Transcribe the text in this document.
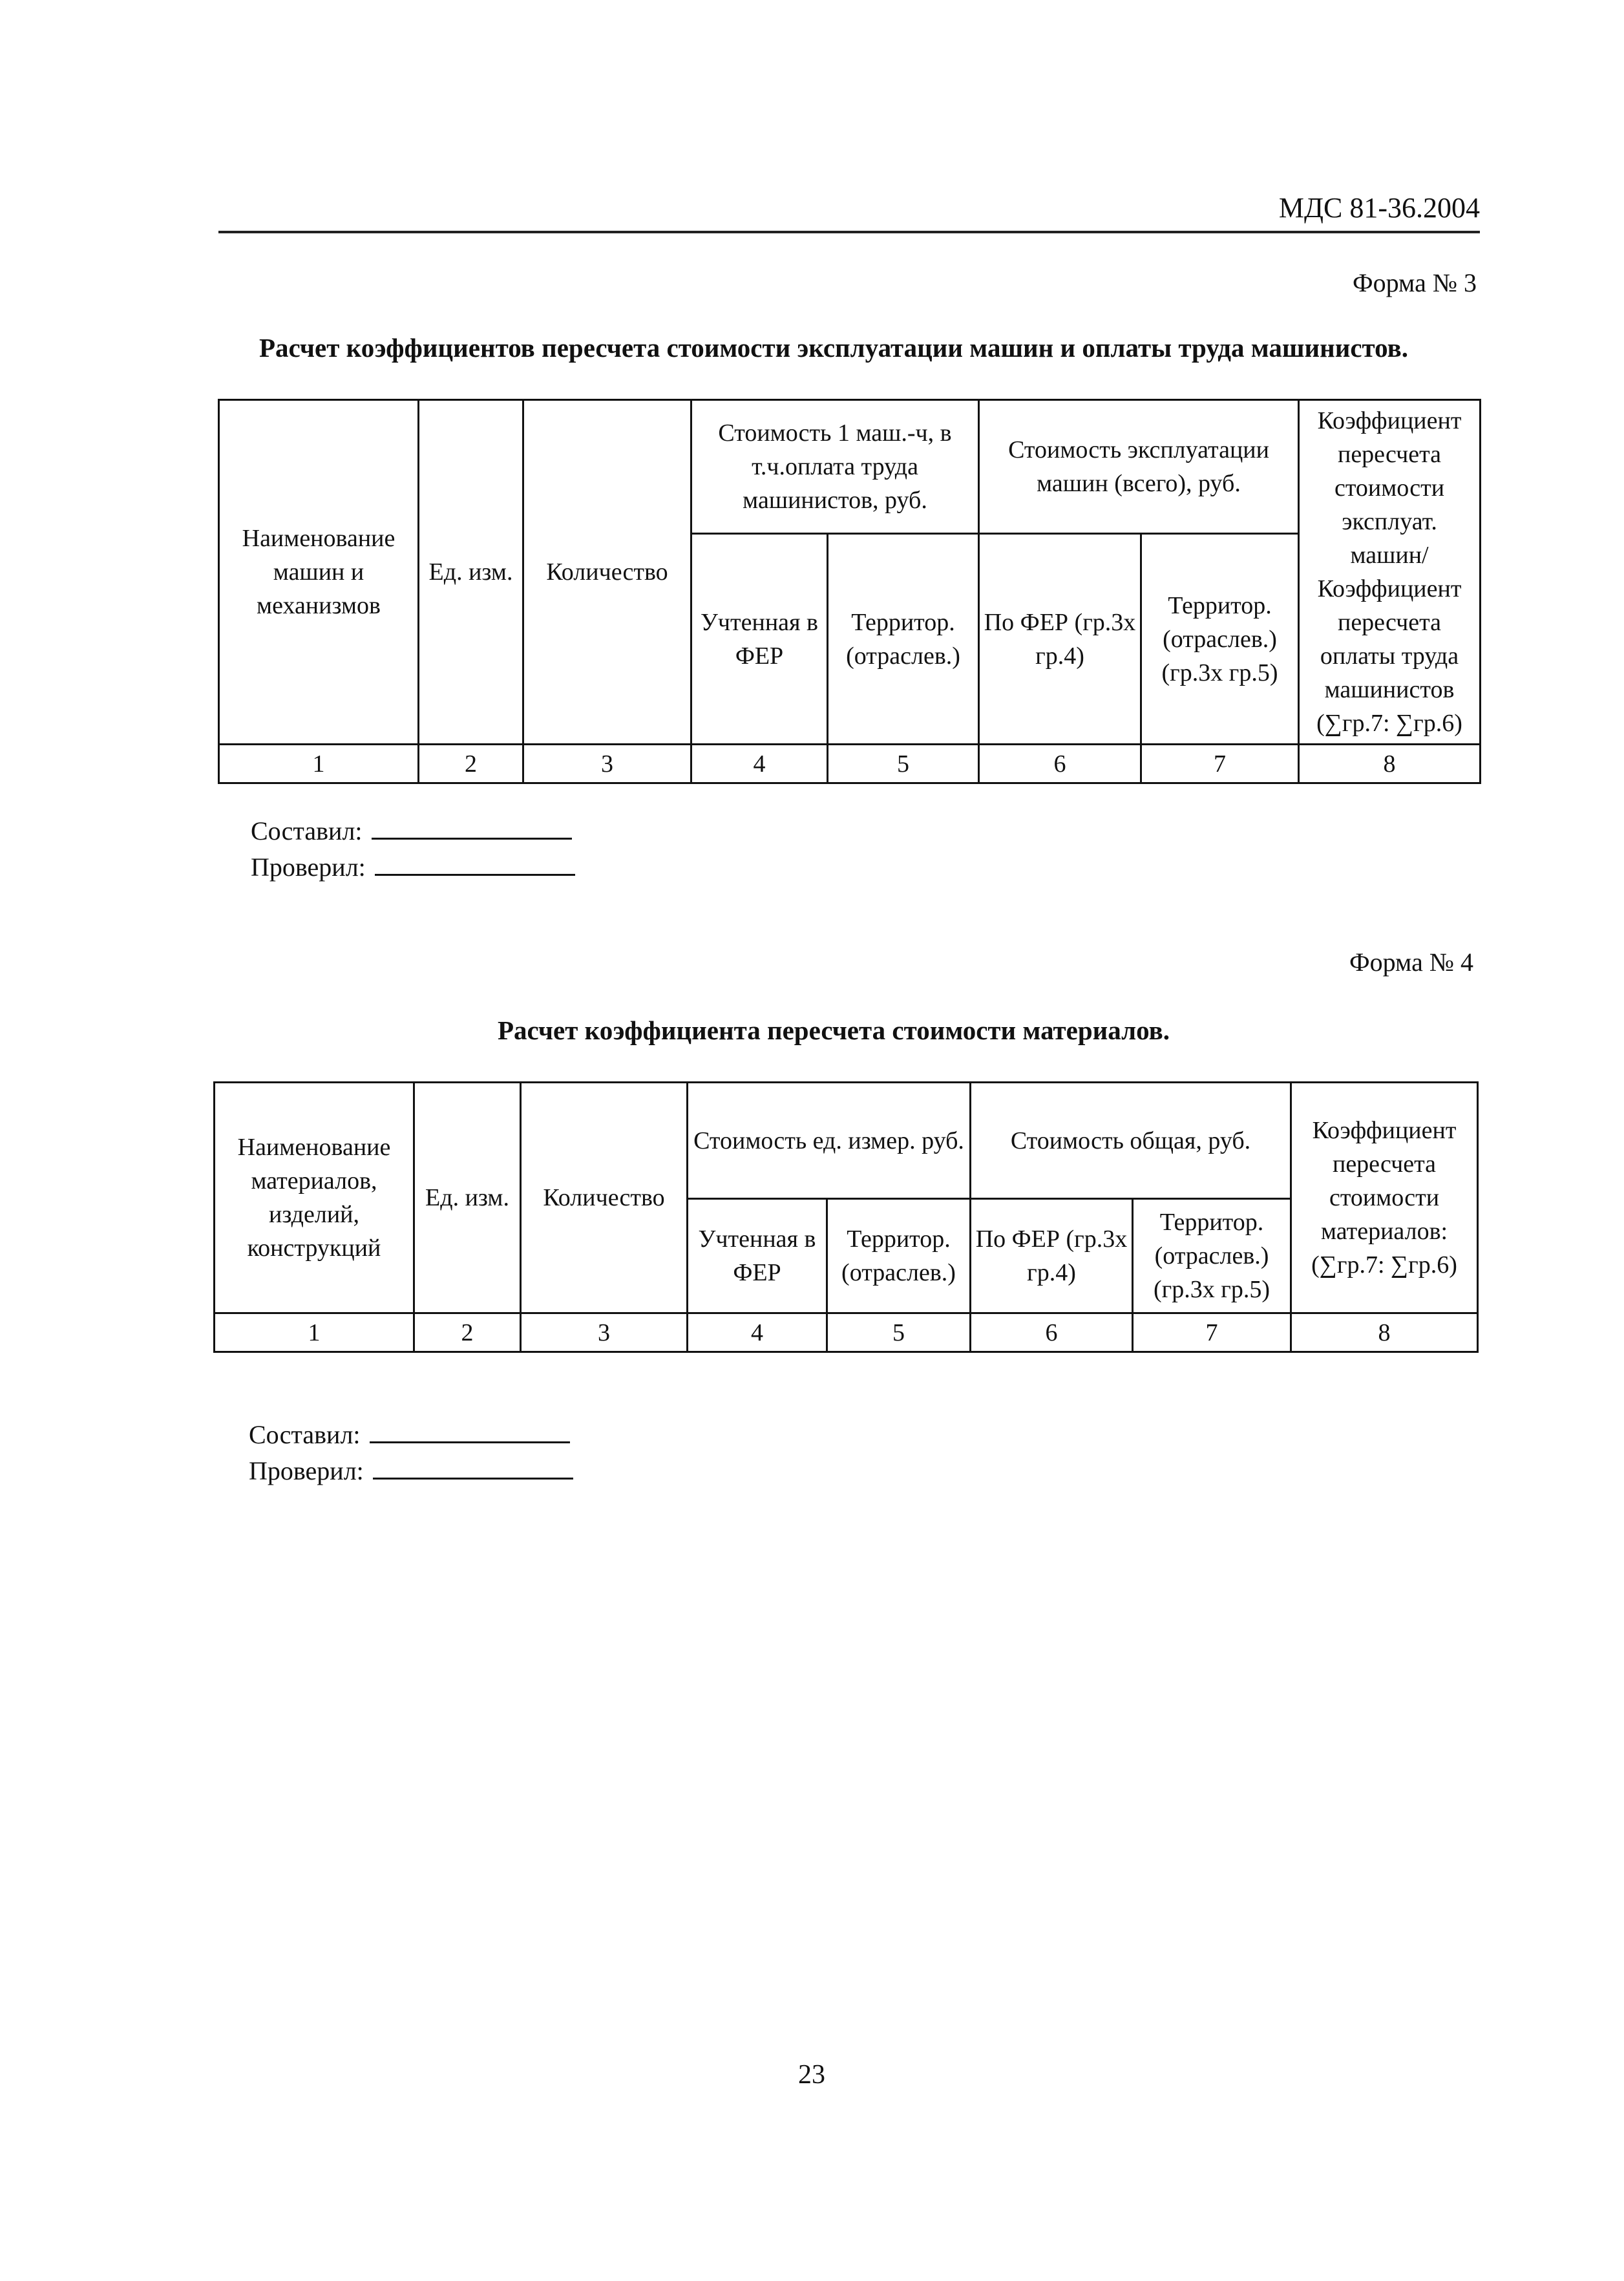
МДС 81-36.2004
Форма № 3
Расчет коэффициентов пересчета стоимости эксплуатации машин и оплаты труда машинистов.
Наименование машин и механизмов	Ед. изм.	Количество	Стоимость 1 маш.-ч, в т.ч.оплата труда машинистов, руб.		Стоимость эксплуатации машин (всего), руб.		Коэффициент пересчета стоимости эксплуат. машин/ Коэффициент пересчета оплаты труда машинистов (∑гр.7: ∑гр.6)
			Учтенная в ФЕР	Территор. (отраслев.)	По ФЕР (гр.3х гр.4)	Территор. (отраслев.) (гр.3х гр.5)	
1	2	3	4	5	6	7	8
Составил:
Проверил:
Форма № 4
Расчет коэффициента пересчета стоимости материалов.
Наименование материалов, изделий, конструкций	Ед. изм.	Количество	Стоимость ед. измер. руб.		Стоимость общая, руб.		Коэффициент пересчета стоимости материалов: (∑гр.7: ∑гр.6)
			Учтенная в ФЕР	Территор. (отраслев.)	По ФЕР (гр.3х гр.4)	Территор. (отраслев.) (гр.3х гр.5)	
1	2	3	4	5	6	7	8
Составил:
Проверил:
23
